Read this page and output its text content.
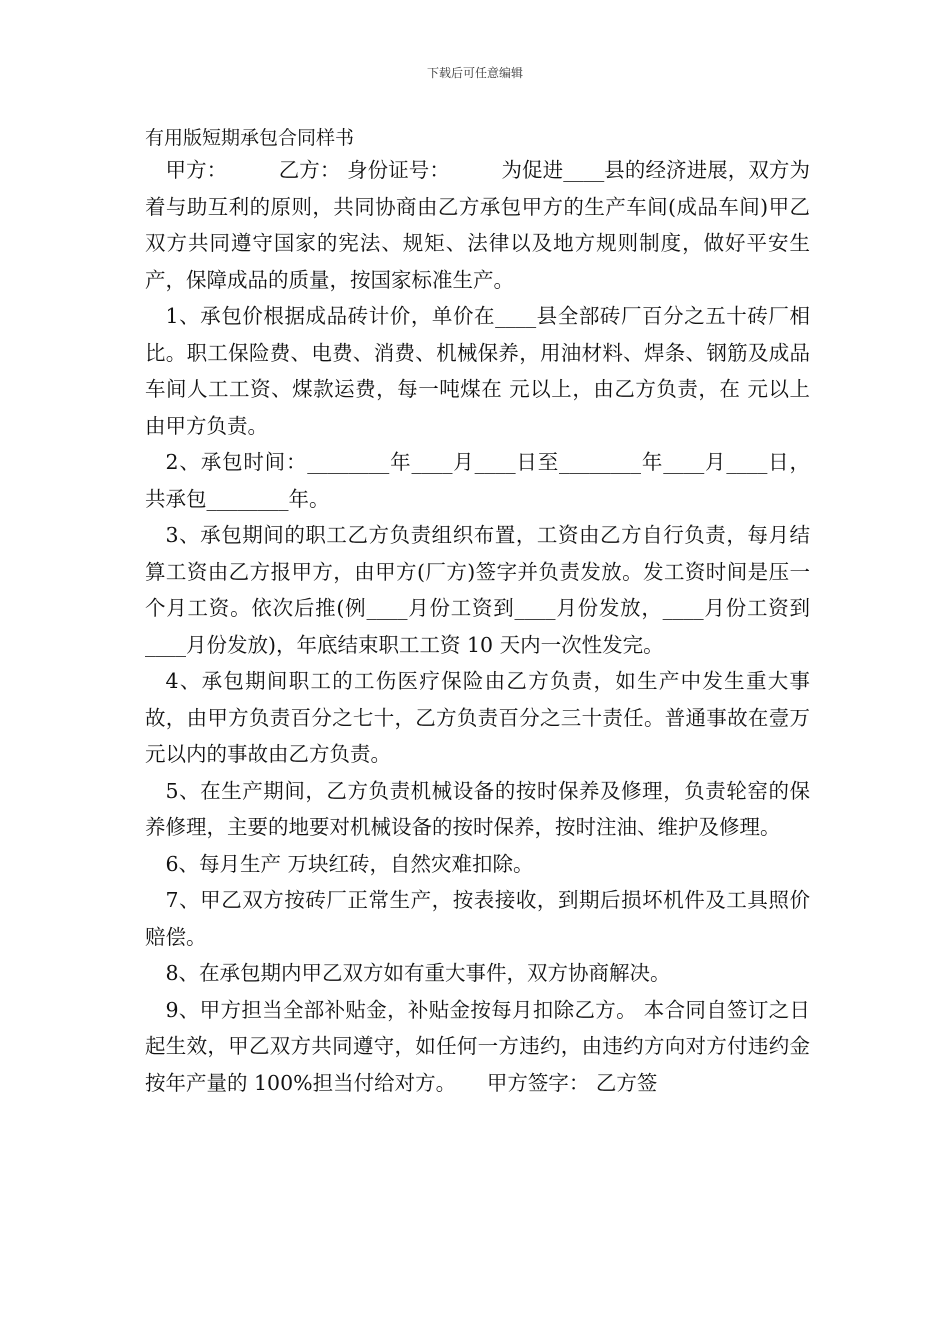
下载后可任意编辑
有用版短期承包合同样书

甲方：　　　乙方： 身份证号：　　　为促进____县的经济进展，双方为着与助互利的原则，共同协商由乙方承包甲方的生产车间(成品车间)甲乙 双方共同遵守国家的宪法、规矩、法律以及地方规则制度，做好平安生产，保障成品的质量，按国家标准生产。

1、承包价根据成品砖计价，单价在____县全部砖厂百分之五十砖厂相比。职工保险费、电费、消费、机械保养，用油材料、焊条、钢筋及成品车间人工工资、煤款运费，每一吨煤在 元以上，由乙方负责，在 元以上由甲方负责。

2、承包时间：________年____月____日至________年____月____日，共承包________年。

3、承包期间的职工乙方负责组织布置，工资由乙方自行负责，每月结算工资由乙方报甲方，由甲方(厂方)签字并负责发放。发工资时间是压一个月工资。依次后推(例____月份工资到____月份发放，____月份工资到____月份发放)，年底结束职工工资 10 天内一次性发完。

4、承包期间职工的工伤医疗保险由乙方负责，如生产中发生重大事故，由甲方负责百分之七十，乙方负责百分之三十责任。普通事故在壹万元以内的事故由乙方负责。

5、在生产期间，乙方负责机械设备的按时保养及修理，负责轮窑的保养修理，主要的地要对机械设备的按时保养，按时注油、维护及修理。

6、每月生产 万块红砖，自然灾难扣除。

7、甲乙双方按砖厂正常生产，按表接收，到期后损坏机件及工具照价赔偿。

8、在承包期内甲乙双方如有重大事件，双方协商解决。

9、甲方担当全部补贴金，补贴金按每月扣除乙方。 本合同自签订之日起生效，甲乙双方共同遵守，如任何一方违约，由违约方向对方付违约金按年产量的 100%担当付给对方。　　甲方签字： 乙方签
